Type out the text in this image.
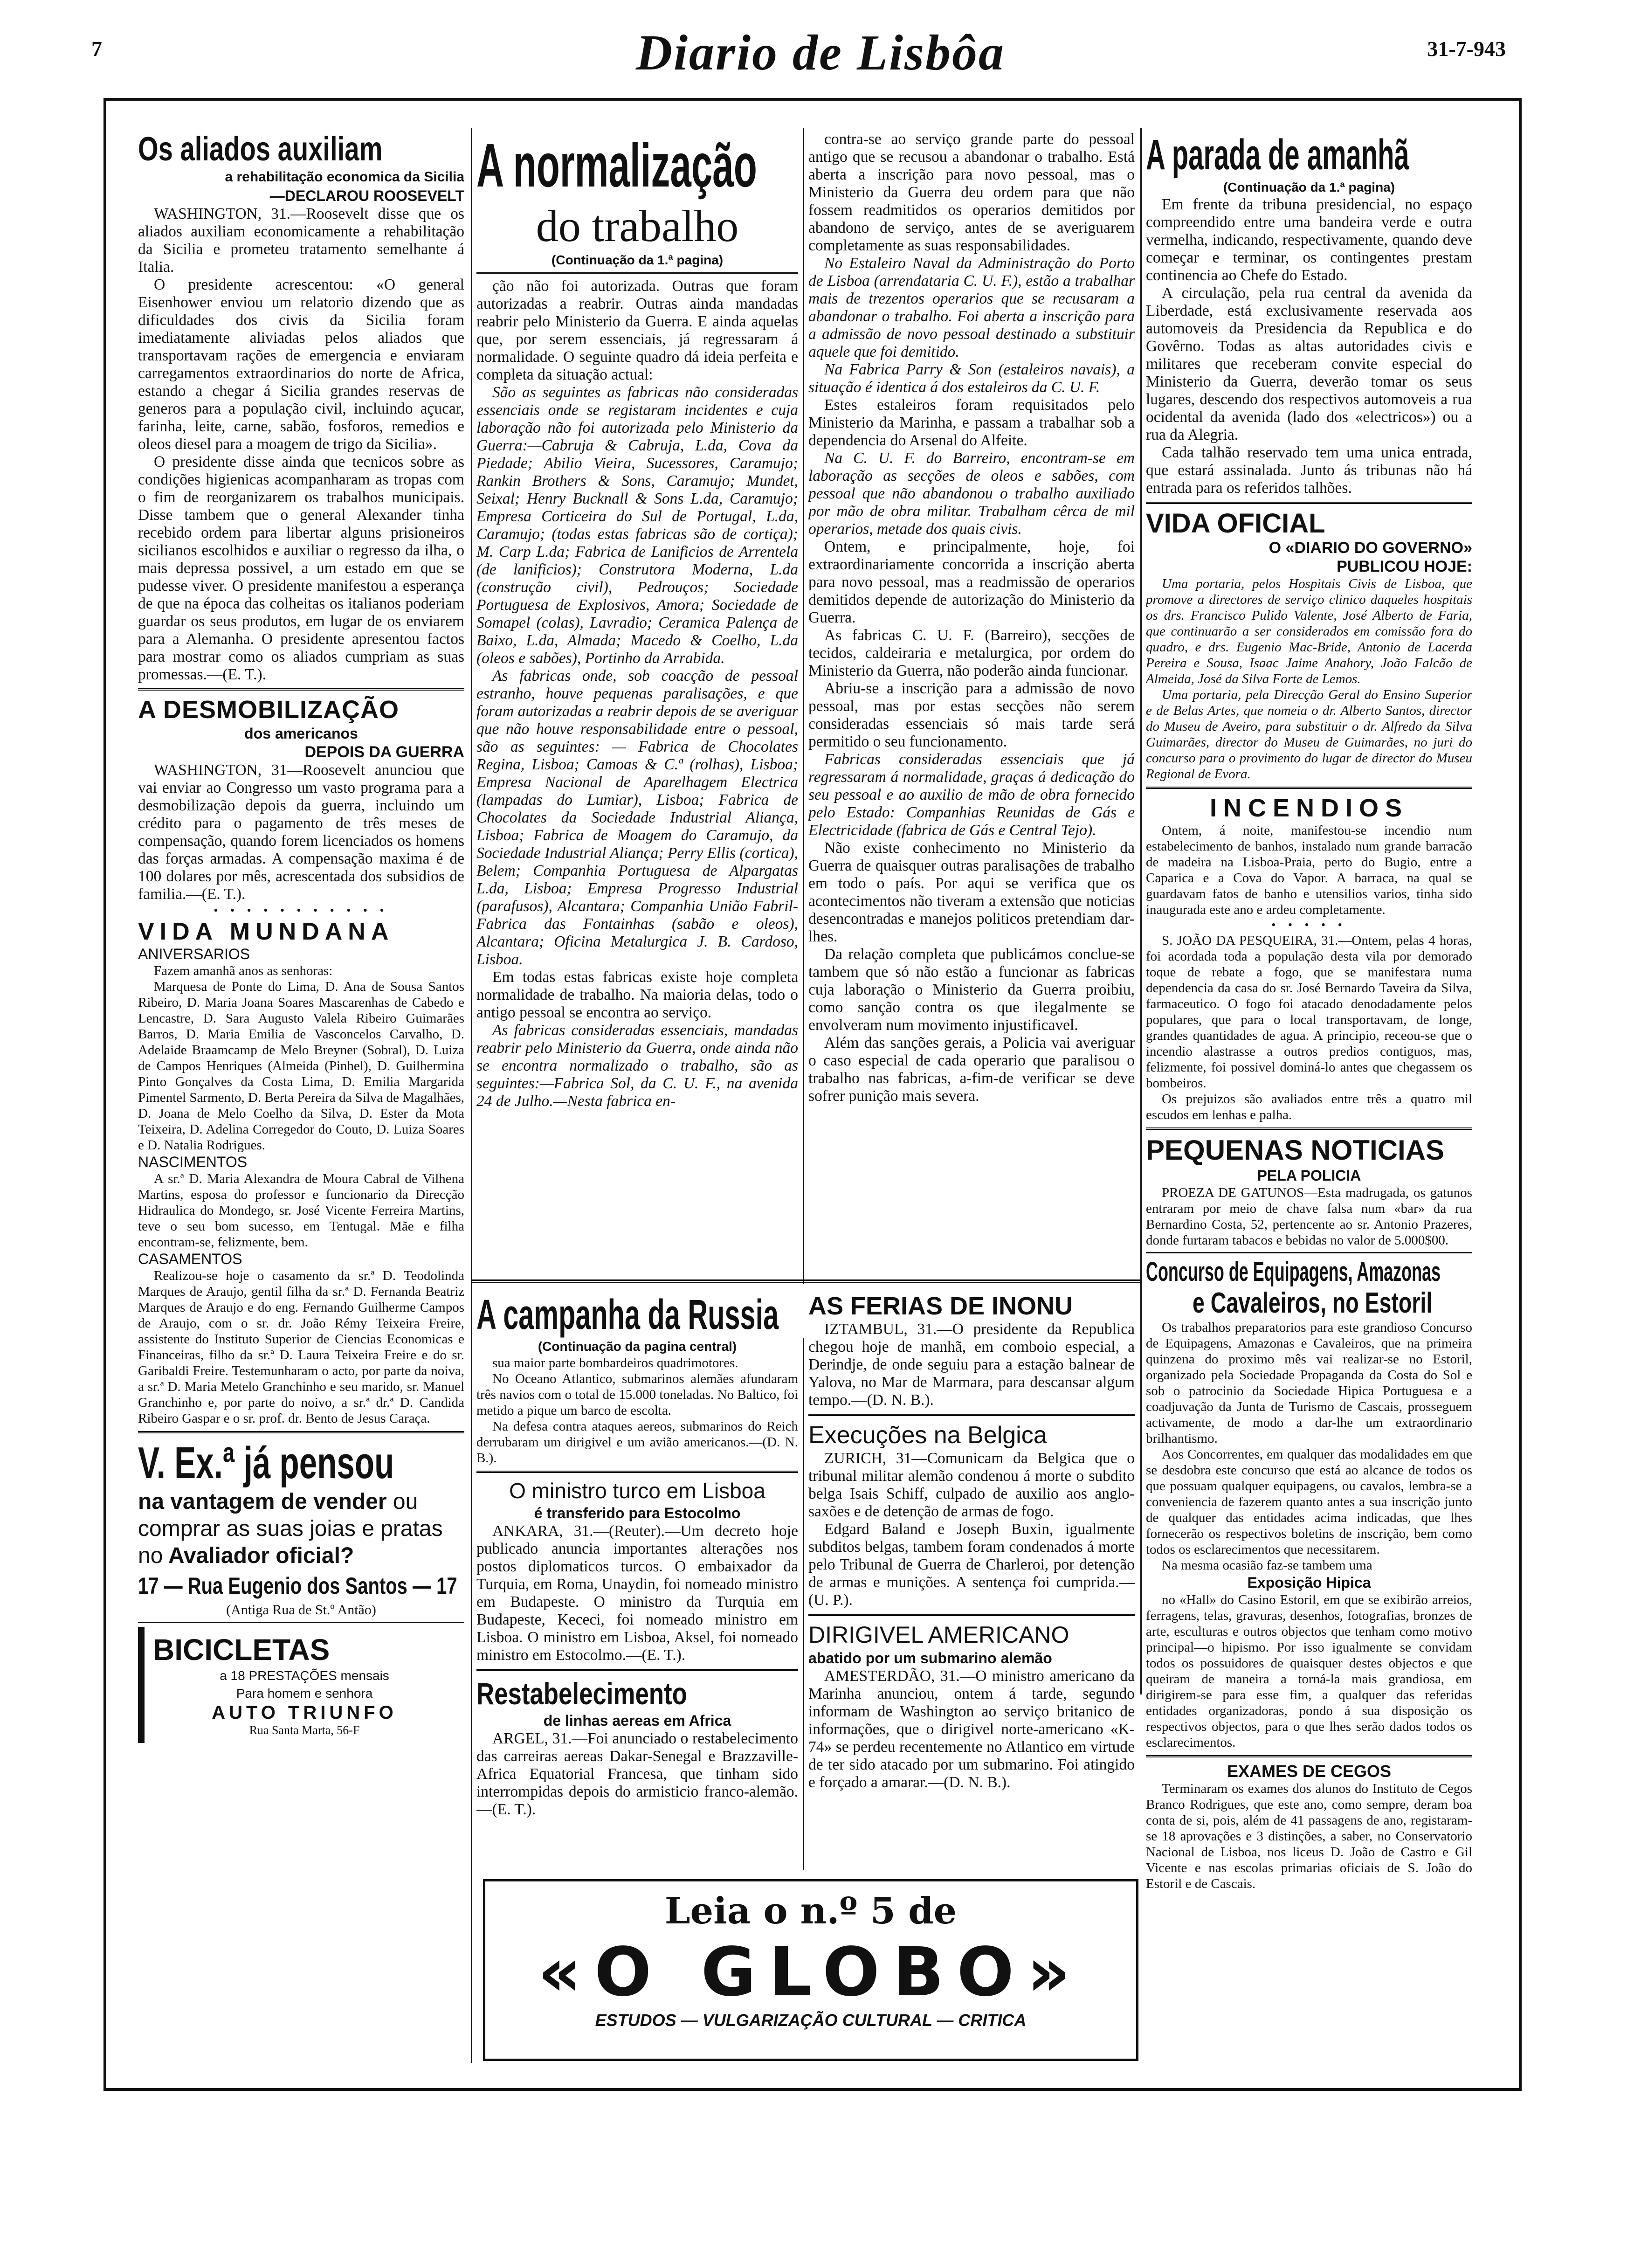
7	Diario de Lisbôa	31-7-943
Os aliados auxiliam
a rehabilitação economica da Sicilia
—DECLAROU ROOSEVELT

WASHINGTON, 31.—Roosevelt disse que os aliados auxiliam economicamente a rehabilitação da Sicilia e prometeu tratamento semelhante á Italia.

O presidente acrescentou: «O general Eisenhower enviou um relatorio dizendo que as dificuldades dos civis da Sicilia foram imediatamente aliviadas pelos aliados que transportavam rações de emergencia e enviaram carregamentos extraordinarios do norte de Africa, estando a chegar á Sicilia grandes reservas de generos para a população civil, incluindo açucar, farinha, leite, carne, sabão, fosforos, remedios e oleos diesel para a moagem de trigo da Sicilia».

O presidente disse ainda que tecnicos sobre as condições higienicas acompanharam as tropas com o fim de reorganizarem os trabalhos municipais. Disse tambem que o general Alexander tinha recebido ordem para libertar alguns prisioneiros sicilianos escolhidos e auxiliar o regresso da ilha, o mais depressa possivel, a um estado em que se pudesse viver. O presidente manifestou a esperança de que na época das colheitas os italianos poderiam guardar os seus produtos, em lugar de os enviarem para a Alemanha. O presidente apresentou factos para mostrar como os aliados cumpriam as suas promessas.—(E. T.).

A DESMOBILIZAÇÃO
dos americanos
DEPOIS DA GUERRA

WASHINGTON, 31—Roosevelt anunciou que vai enviar ao Congresso um vasto programa para a desmobilização depois da guerra, incluindo um crédito para o pagamento de três meses de compensação, quando forem licenciados os homens das forças armadas. A compensação maxima é de 100 dolares por mês, acrescentada dos subsidios de familia.—(E. T.).

• • • • • • • • • • •
VIDA MUNDANA
ANIVERSARIOS

Fazem amanhã anos as senhoras:

Marquesa de Ponte do Lima, D. Ana de Sousa Santos Ribeiro, D. Maria Joana Soares Mascarenhas de Cabedo e Lencastre, D. Sara Augusto Valela Ribeiro Guimarães Barros, D. Maria Emilia de Vasconcelos Carvalho, D. Adelaide Braamcamp de Melo Breyner (Sobral), D. Luiza de Campos Henriques (Almeida (Pinhel), D. Guilhermina Pinto Gonçalves da Costa Lima, D. Emilia Margarida Pimentel Sarmento, D. Berta Pereira da Silva de Magalhães, D. Joana de Melo Coelho da Silva, D. Ester da Mota Teixeira, D. Adelina Corregedor do Couto, D. Luiza Soares e D. Natalia Rodrigues.

NASCIMENTOS

A sr.ª D. Maria Alexandra de Moura Cabral de Vilhena Martins, esposa do professor e funcionario da Direcção Hidraulica do Mondego, sr. José Vicente Ferreira Martins, teve o seu bom sucesso, em Tentugal. Mãe e filha encontram-se, felizmente, bem.

CASAMENTOS

Realizou-se hoje o casamento da sr.ª D. Teodolinda Marques de Araujo, gentil filha da sr.ª D. Fernanda Beatriz Marques de Araujo e do eng. Fernando Guilherme Campos de Araujo, com o sr. dr. João Rémy Teixeira Freire, assistente do Instituto Superior de Ciencias Economicas e Financeiras, filho da sr.ª D. Laura Teixeira Freire e do sr. Garibaldi Freire. Testemunharam o acto, por parte da noiva, a sr.ª D. Maria Metelo Granchinho e seu marido, sr. Manuel Granchinho e, por parte do noivo, a sr.ª dr.ª D. Candida Ribeiro Gaspar e o sr. prof. dr. Bento de Jesus Caraça.

V. Ex.ª já pensou
na vantagem de vender ou
comprar as suas joias e pratas no Avaliador oficial?
17 — Rua Eugenio dos Santos — 17
(Antiga Rua de St.º Antão)
BICICLETAS
a 18 PRESTAÇÕES mensais
Para homem e senhora
AUTO TRIUNFO
Rua Santa Marta, 56-F
A normalização
do trabalho
(Continuação da 1.ª pagina)

ção não foi autorizada. Outras que foram autorizadas a reabrir. Outras ainda mandadas reabrir pelo Ministerio da Guerra. E ainda aquelas que, por serem essenciais, já regressaram á normalidade. O seguinte quadro dá ideia perfeita e completa da situação actual:

São as seguintes as fabricas não consideradas essenciais onde se registaram incidentes e cuja laboração não foi autorizada pelo Ministerio da Guerra:—Cabruja & Cabruja, L.da, Cova da Piedade; Abilio Vieira, Sucessores, Caramujo; Rankin Brothers & Sons, Caramujo; Mundet, Seixal; Henry Bucknall & Sons L.da, Caramujo; Empresa Corticeira do Sul de Portugal, L.da, Caramujo; (todas estas fabricas são de cortiça); M. Carp L.da; Fabrica de Lanificios de Arrentela (de lanificios); Construtora Moderna, L.da (construção civil), Pedrouços; Sociedade Portuguesa de Explosivos, Amora; Sociedade de Somapel (colas), Lavradio; Ceramica Palença de Baixo, L.da, Almada; Macedo & Coelho, L.da (oleos e sabões), Portinho da Arrabida.

As fabricas onde, sob coacção de pessoal estranho, houve pequenas paralisações, e que foram autorizadas a reabrir depois de se averiguar que não houve responsabilidade entre o pessoal, são as seguintes: — Fabrica de Chocolates Regina, Lisboa; Camoas & C.ª (rolhas), Lisboa; Empresa Nacional de Aparelhagem Electrica (lampadas do Lumiar), Lisboa; Fabrica de Chocolates da Sociedade Industrial Aliança, Lisboa; Fabrica de Moagem do Caramujo, da Sociedade Industrial Aliança; Perry Ellis (cortica), Belem; Companhia Portuguesa de Alpargatas L.da, Lisboa; Empresa Progresso Industrial (parafusos), Alcantara; Companhia União Fabril-Fabrica das Fontainhas (sabão e oleos), Alcantara; Oficina Metalurgica J. B. Cardoso, Lisboa.

Em todas estas fabricas existe hoje completa normalidade de trabalho. Na maioria delas, todo o antigo pessoal se encontra ao serviço.

As fabricas consideradas essenciais, mandadas reabrir pelo Ministerio da Guerra, onde ainda não se encontra normalizado o trabalho, são as seguintes:—Fabrica Sol, da C. U. F., na avenida 24 de Julho.—Nesta fabrica en-

contra-se ao serviço grande parte do pessoal antigo que se recusou a abandonar o trabalho. Está aberta a inscrição para novo pessoal, mas o Ministerio da Guerra deu ordem para que não fossem readmitidos os operarios demitidos por abandono de serviço, antes de se averiguarem completamente as suas responsabilidades.

No Estaleiro Naval da Administração do Porto de Lisboa (arrendataria C. U. F.), estão a trabalhar mais de trezentos operarios que se recusaram a abandonar o trabalho. Foi aberta a inscrição para a admissão de novo pessoal destinado a substituir aquele que foi demitido.

Na Fabrica Parry & Son (estaleiros navais), a situação é identica á dos estaleiros da C. U. F.

Estes estaleiros foram requisitados pelo Ministerio da Marinha, e passam a trabalhar sob a dependencia do Arsenal do Alfeite.

Na C. U. F. do Barreiro, encontram-se em laboração as secções de oleos e sabões, com pessoal que não abandonou o trabalho auxiliado por mão de obra militar. Trabalham cêrca de mil operarios, metade dos quais civis.

Ontem, e principalmente, hoje, foi extraordinariamente concorrida a inscrição aberta para novo pessoal, mas a readmissão de operarios demitidos depende de autorização do Ministerio da Guerra.

As fabricas C. U. F. (Barreiro), secções de tecidos, caldeiraria e metalurgica, por ordem do Ministerio da Guerra, não poderão ainda funcionar.

Abriu-se a inscrição para a admissão de novo pessoal, mas por estas secções não serem consideradas essenciais só mais tarde será permitido o seu funcionamento.

Fabricas consideradas essenciais que já regressaram á normalidade, graças á dedicação do seu pessoal e ao auxilio de mão de obra fornecido pelo Estado: Companhias Reunidas de Gás e Electricidade (fabrica de Gás e Central Tejo).

Não existe conhecimento no Ministerio da Guerra de quaisquer outras paralisações de trabalho em todo o país. Por aqui se verifica que os acontecimentos não tiveram a extensão que noticias desencontradas e manejos politicos pretendiam dar-lhes.

Da relação completa que publicámos conclue-se tambem que só não estão a funcionar as fabricas cuja laboração o Ministerio da Guerra proibiu, como sanção contra os que ilegalmente se envolveram num movimento injustificavel.

Além das sanções gerais, a Policia vai averiguar o caso especial de cada operario que paralisou o trabalho nas fabricas, a-fim-de verificar se deve sofrer punição mais severa.

A campanha da Russia
(Continuação da pagina central)

sua maior parte bombardeiros quadrimotores.

No Oceano Atlantico, submarinos alemães afundaram três navios com o total de 15.000 toneladas. No Baltico, foi metido a pique um barco de escolta.

Na defesa contra ataques aereos, submarinos do Reich derrubaram um dirigivel e um avião americanos.—(D. N. B.).

O ministro turco em Lisboa
é transferido para Estocolmo

ANKARA, 31.—(Reuter).—Um decreto hoje publicado anuncia importantes alterações nos postos diplomaticos turcos. O embaixador da Turquia, em Roma, Unaydin, foi nomeado ministro em Budapeste. O ministro da Turquia em Budapeste, Kececi, foi nomeado ministro em Lisboa. O ministro em Lisboa, Aksel, foi nomeado ministro em Estocolmo.—(E. T.).

Restabelecimento
de linhas aereas em Africa

ARGEL, 31.—Foi anunciado o restabelecimento das carreiras aereas Dakar-Senegal e Brazzaville-Africa Equatorial Francesa, que tinham sido interrompidas depois do armisticio franco-alemão.—(E. T.).

AS FERIAS DE INONU

IZTAMBUL, 31.—O presidente da Republica chegou hoje de manhã, em comboio especial, a Derindje, de onde seguiu para a estação balnear de Yalova, no Mar de Marmara, para descansar algum tempo.—(D. N. B.).

Execuções na Belgica

ZURICH, 31—Comunicam da Belgica que o tribunal militar alemão condenou á morte o subdito belga Isais Schiff, culpado de auxilio aos anglo-saxões e de detenção de armas de fogo.

Edgard Baland e Joseph Buxin, igualmente subditos belgas, tambem foram condenados á morte pelo Tribunal de Guerra de Charleroi, por detenção de armas e munições. A sentença foi cumprida.—(U. P.).

DIRIGIVEL AMERICANO
abatido por um submarino alemão

AMESTERDÃO, 31.—O ministro americano da Marinha anunciou, ontem á tarde, segundo informam de Washington ao serviço britanico de informações, que o dirigivel norte-americano «K-74» se perdeu recentemente no Atlantico em virtude de ter sido atacado por um submarino. Foi atingido e forçado a amarar.—(D. N. B.).

Leia o n.º 5 de
«O GLOBO»
ESTUDOS — VULGARIZAÇÃO CULTURAL — CRITICA
A parada de amanhã
(Continuação da 1.ª pagina)

Em frente da tribuna presidencial, no espaço compreendido entre uma bandeira verde e outra vermelha, indicando, respectivamente, quando deve começar e terminar, os contingentes prestam continencia ao Chefe do Estado.

A circulação, pela rua central da avenida da Liberdade, está exclusivamente reservada aos automoveis da Presidencia da Republica e do Govêrno. Todas as altas autoridades civis e militares que receberam convite especial do Ministerio da Guerra, deverão tomar os seus lugares, descendo dos respectivos automoveis a rua ocidental da avenida (lado dos «electricos») ou a rua da Alegria.

Cada talhão reservado tem uma unica entrada, que estará assinalada. Junto ás tribunas não há entrada para os referidos talhões.

VIDA OFICIAL
O «DIARIO DO GOVERNO»
PUBLICOU HOJE:

Uma portaria, pelos Hospitais Civis de Lisboa, que promove a directores de serviço clinico daqueles hospitais os drs. Francisco Pulido Valente, José Alberto de Faria, que continuarão a ser considerados em comissão fora do quadro, e drs. Eugenio Mac-Bride, Antonio de Lacerda Pereira e Sousa, Isaac Jaime Anahory, João Falcão de Almeida, José da Silva Forte de Lemos.

Uma portaria, pela Direcção Geral do Ensino Superior e de Belas Artes, que nomeia o dr. Alberto Santos, director do Museu de Aveiro, para substituir o dr. Alfredo da Silva Guimarães, director do Museu de Guimarães, no juri do concurso para o provimento do lugar de director do Museu Regional de Evora.

INCENDIOS

Ontem, á noite, manifestou-se incendio num estabelecimento de banhos, instalado num grande barracão de madeira na Lisboa-Praia, perto do Bugio, entre a Caparica e a Cova do Vapor. A barraca, na qual se guardavam fatos de banho e utensilios varios, tinha sido inaugurada este ano e ardeu completamente.

• • • • •

S. JOÃO DA PESQUEIRA, 31.—Ontem, pelas 4 horas, foi acordada toda a população desta vila por demorado toque de rebate a fogo, que se manifestara numa dependencia da casa do sr. José Bernardo Taveira da Silva, farmaceutico. O fogo foi atacado denodadamente pelos populares, que para o local transportavam, de longe, grandes quantidades de agua. A principio, receou-se que o incendio alastrasse a outros predios contiguos, mas, felizmente, foi possivel dominá-lo antes que chegassem os bombeiros.

Os prejuizos são avaliados entre três a quatro mil escudos em lenhas e palha.

PEQUENAS NOTICIAS
PELA POLICIA

PROEZA DE GATUNOS—Esta madrugada, os gatunos entraram por meio de chave falsa num «bar» da rua Bernardino Costa, 52, pertencente ao sr. Antonio Prazeres, donde furtaram tabacos e bebidas no valor de 5.000$00.

Concurso de Equipagens, Amazonas
e Cavaleiros, no Estoril

Os trabalhos preparatorios para este grandioso Concurso de Equipagens, Amazonas e Cavaleiros, que na primeira quinzena do proximo mês vai realizar-se no Estoril, organizado pela Sociedade Propaganda da Costa do Sol e sob o patrocinio da Sociedade Hipica Portuguesa e a coadjuvação da Junta de Turismo de Cascais, prosseguem activamente, de modo a dar-lhe um extraordinario brilhantismo.

Aos Concorrentes, em qualquer das modalidades em que se desdobra este concurso que está ao alcance de todos os que possuam qualquer equipagens, ou cavalos, lembra-se a conveniencia de fazerem quanto antes a sua inscrição junto de qualquer das entidades acima indicadas, que lhes fornecerão os respectivos boletins de inscrição, bem como todos os esclarecimentos que necessitarem.

Na mesma ocasião faz-se tambem uma

Exposição Hipica

no «Hall» do Casino Estoril, em que se exibirão arreios, ferragens, telas, gravuras, desenhos, fotografias, bronzes de arte, esculturas e outros objectos que tenham como motivo principal—o hipismo. Por isso igualmente se convidam todos os possuidores de quaisquer destes objectos e que queiram de maneira a torná-la mais grandiosa, em dirigirem-se para esse fim, a qualquer das referidas entidades organizadoras, pondo á sua disposição os respectivos objectos, para o que lhes serão dados todos os esclarecimentos.

EXAMES DE CEGOS

Terminaram os exames dos alunos do Instituto de Cegos Branco Rodrigues, que este ano, como sempre, deram boa conta de si, pois, além de 41 passagens de ano, registaram-se 18 aprovações e 3 distinções, a saber, no Conservatorio Nacional de Lisboa, nos liceus D. João de Castro e Gil Vicente e nas escolas primarias oficiais de S. João do Estoril e de Cascais.
